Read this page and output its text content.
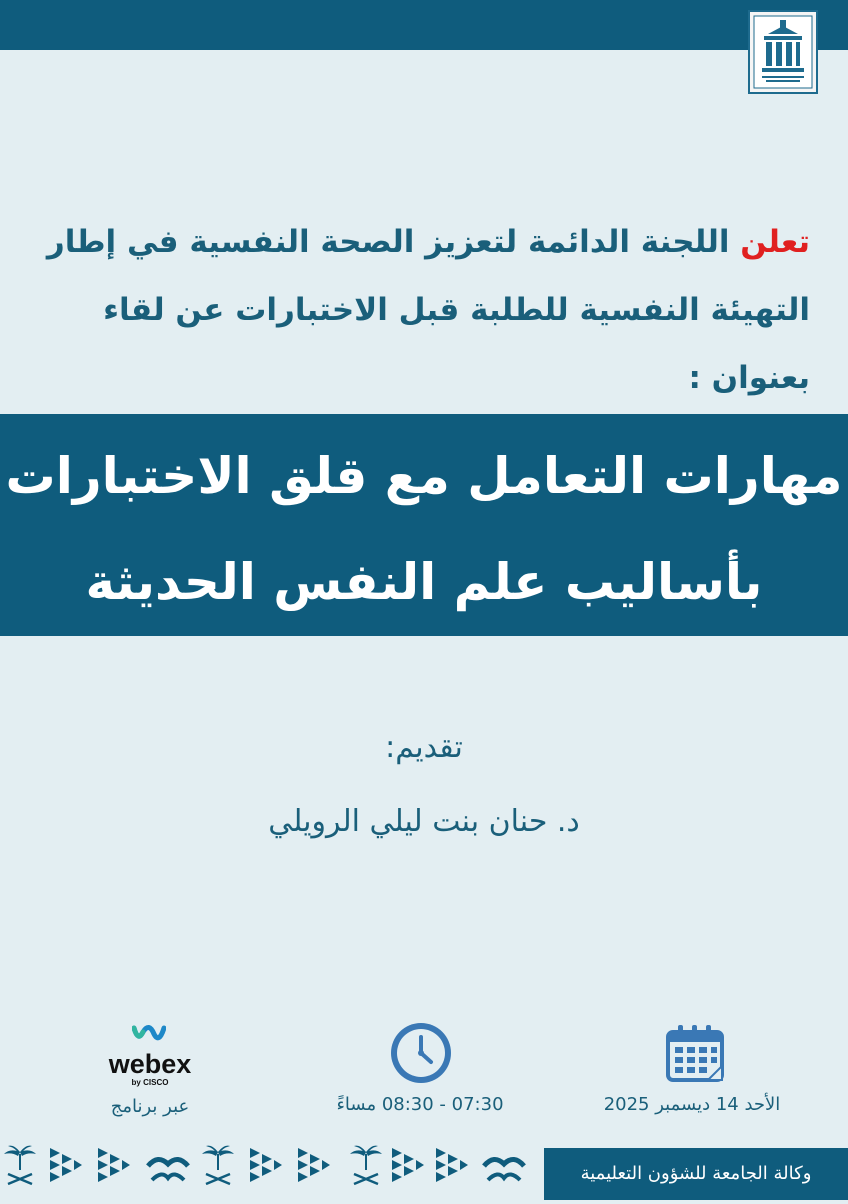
تعلن اللجنة الدائمة لتعزيز الصحة النفسية في إطار
التهيئة النفسية للطلبة قبل الاختبارات عن لقاء بعنوان :
مهارات التعامل مع قلق الاختبارات
بأساليب علم النفس الحديثة
تقديم:
د. حنان بنت ليلي الرويلي
الأحد 14 ديسمبر 2025
07:30 - 08:30 مساءً
webex
by CISCO
عبر برنامج
وكالة الجامعة للشؤون التعليمية
